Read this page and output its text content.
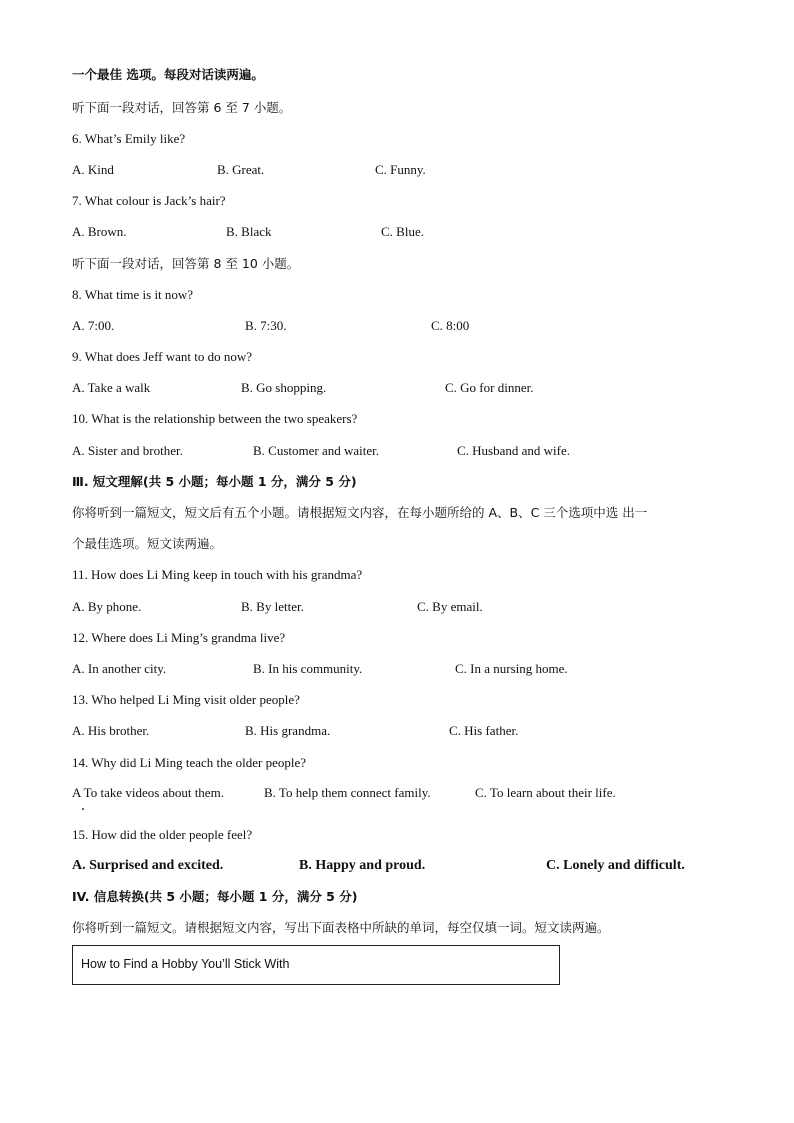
一个最佳 选项。每段对话读两遍。
听下面一段对话，回答第 6 至 7 小题。
6. What’s Emily like?
A. Kind	B. Great.	C. Funny.
7. What colour is Jack’s hair?
A. Brown.	B. Black	C. Blue.
听下面一段对话，回答第 8 至 10 小题。
8. What time is it now?
A. 7:00.	B. 7:30.	C. 8:00
9. What does Jeff want to do now?
A. Take a walk	B. Go shopping.	C. Go for dinner.
10. What is the relationship between the two speakers?
A. Sister and brother.	B. Customer and waiter.	C. Husband and wife.
Ⅲ. 短文理解(共 5 小题；每小题 1 分，满分 5 分)
你将听到一篇短文，短文后有五个小题。请根据短文内容，在每小题所给的 A、B、C 三个选项中选 出一
个最佳选项。短文读两遍。
11. How does Li Ming keep in touch with his grandma?
A. By phone.	B. By letter.	C. By email.
12. Where does Li Ming’s grandma live?
A. In another city.	B. In his community.	C. In a nursing home.
13. Who helped Li Ming visit older people?
A. His brother.	B. His grandma.	C. His father.
14. Why did Li Ming teach the older people?
A To take videos about them.	B. To help them connect family.	C. To learn about their life.
15. How did the older people feel?
A. Surprised and excited.	B. Happy and proud.	C. Lonely and difficult.
IV. 信息转换(共 5 小题；每小题 1 分，满分 5 分)
你将听到一篇短文。请根据短文内容，写出下面表格中所缺的单词，每空仅填一词。短文读两遍。
How to Find a Hobby You’ll Stick With
